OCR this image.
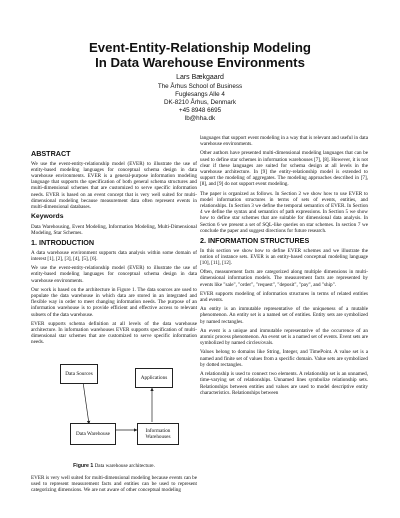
Event-Entity-Relationship Modeling
In Data Warehouse Environments
Lars Bækgaard
The Århus School of Business
Fuglesangs Alle 4
DK-8210 Århus, Denmark
+45 8948 6695
lb@hha.dk
ABSTRACT

We use the event-entity-relationship model (EVER) to illustrate the use of entity-based modeling languages for conceptual schema design in data warehouse environments. EVER is a general-purpose information modeling language that supports the specification of both general schema structures and multi-dimensional schemes that are customized to serve specific information needs. EVER is based on an event concept that is very well suited for multi-dimensional modeling because measurement data often represent events in multi-dimensional databases.

Keywords

Data Warehousing, Event Modeling, Information Modeling, Multi-Dimensional Modeling, Star Schemes.

1. INTRODUCTION

A data warehouse environment supports data analysis within some domain of interest [1], [2], [3], [4], [5], [6].

We use the event-entity-relationship model (EVER) to illustrate the use of entity-based modeling languages for conceptual schema design in data warehouse environments.

Our work is based on the architecture in Figure 1. The data sources are used to populate the data warehouse in which data are stored in an integrated and flexible way in order to meet changing information needs. The purpose of an information warehouse is to provide efficient and effective access to relevant subsets of the data warehouse.

EVER supports schema definition at all levels of the data warehouse architecture. In information warehouses EVER supports specification of multi-dimensional star schemes that are customized to serve specific information needs.

Data Sources
Applications
Data Warehouse	Information Warehouses
Figure 1 Data warehouse architecture.

EVER is very well suited for multi-dimensional modeling because events can be used to represent measurement facts and entities can be used to represent categorizing dimensions. We are not aware of other conceptual modeling

languages that support event modeling in a way that is relevant and useful in data warehouse environments.

Other authors have presented multi-dimensional modeling languages that can be used to define star schemes in information warehouses [7], [8]. However, it is not clear if these languages are suited for schema design at all levels in the warehouse architecture. In [9] the entity-relationship model is extended to support the modeling of aggregates. The modeling approaches described in [7], [8], and [9] do not support event modeling.

The paper is organized as follows. In Section 2 we show how to use EVER to model information structures in terms of sets of events, entities, and relationships. In Section 3 we define the temporal semantics of EVER. In Section 4 we define the syntax and semantics of path expressions. In Section 5 we show how to define star schemes that are suitable for dimensional data analysis. In Section 6 we present a set of SQL-like queries on star schemes. In section 7 we conclude the paper and suggest directions for future research.

2. INFORMATION STRUCTURES

In this section we show how to define EVER schemes and we illustrate the notion of instance sets. EVER is an entity-based conceptual modeling language [10], [11], [12].

Often, measurement facts are categorized along multiple dimensions in multi-dimensional information models. The measurement facts are represented by events like "sale", "order", "request", "deposit", "pay", and "ship".

EVER supports modeling of information structures in terms of related entities and events.

An entity is an immutable representative of the uniqueness of a mutable phenomenon. An entity set is a named set of entities. Entity sets are symbolized by named rectangles.

An event is a unique and immutable representative of the occurrence of an atomic process phenomenon. An event set is a named set of events. Event sets are symbolized by named circles/ovals.

Values belong to domains like String, Integer, and TimePoint. A value set is a named and finite set of values from a specific domain. Value sets are symbolized by dotted rectangles.

A relationship is used to connect two elements. A relationship set is an unnamed, time-varying set of relationships. Unnamed lines symbolize relationship sets. Relationships between entities and values are used to model descriptive entity characteristics. Relationships between
